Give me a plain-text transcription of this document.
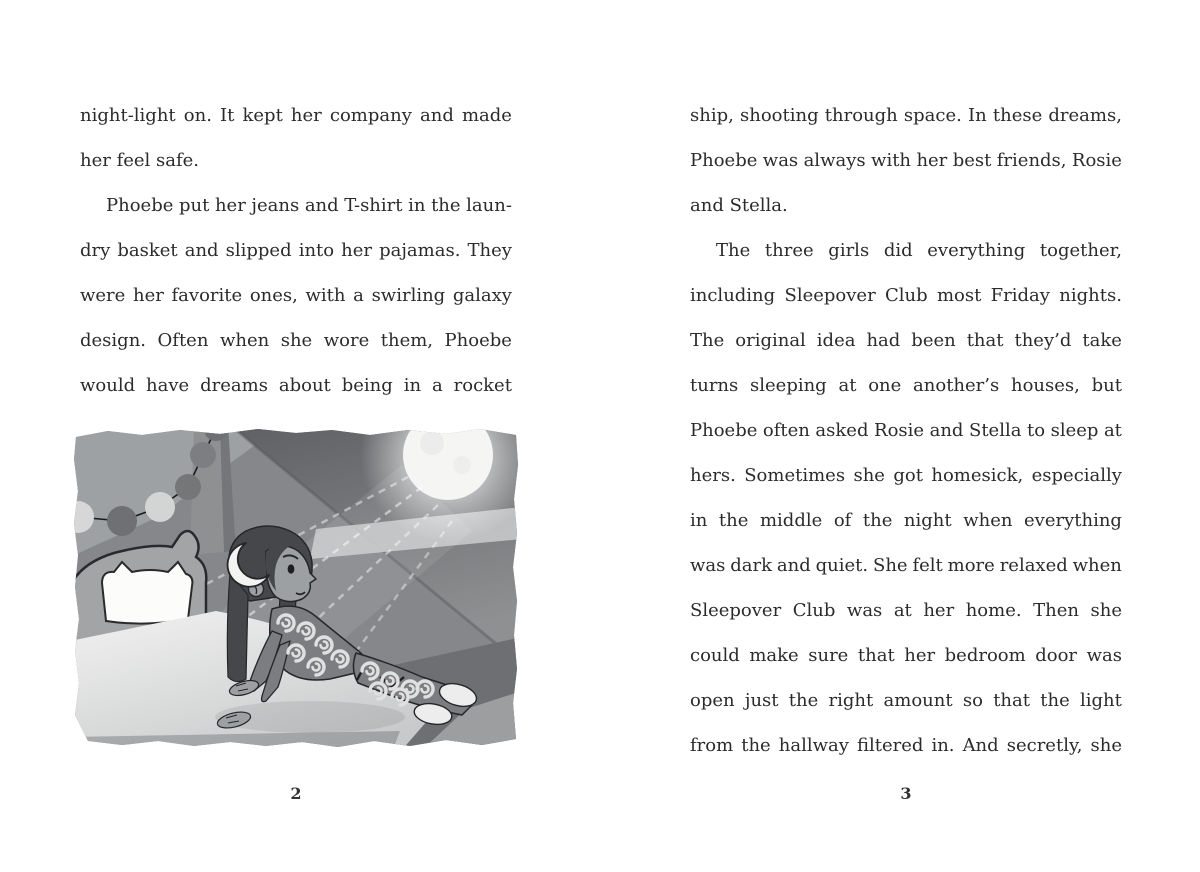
night-light on. It kept her company and made
her feel safe.
Phoebe put her jeans and T-shirt in the laun-
dry basket and slipped into her pajamas. They
were her favorite ones, with a swirling galaxy
design. Often when she wore them, Phoebe
would have dreams about being in a rocket
ship, shooting through space. In these dreams,
Phoebe was always with her best friends, Rosie
and Stella.
The three girls did everything together,
including Sleepover Club most Friday nights.
The original idea had been that they’d take
turns sleeping at one another’s houses, but
Phoebe often asked Rosie and Stella to sleep at
hers. Sometimes she got homesick, especially
in the middle of the night when everything
was dark and quiet. She felt more relaxed when
Sleepover Club was at her home. Then she
could make sure that her bedroom door was
open just the right amount so that the light
from the hallway filtered in. And secretly, she
2	3
